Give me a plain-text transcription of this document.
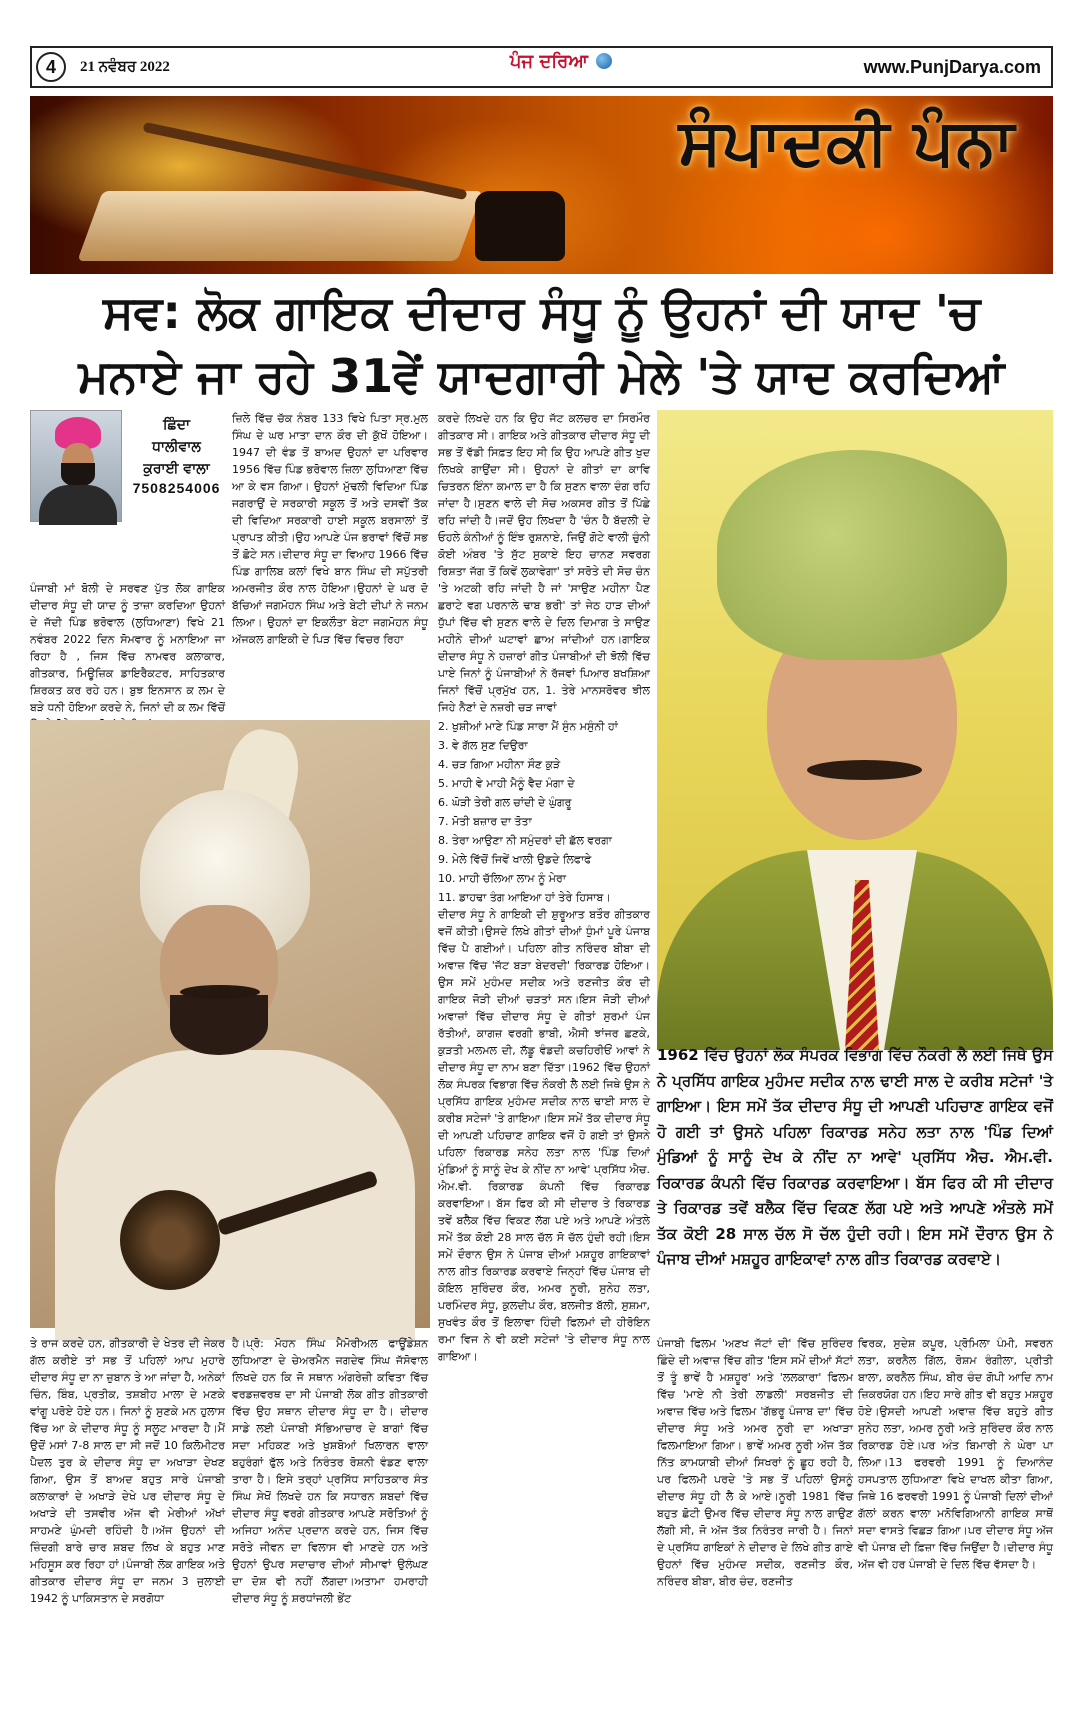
4	21 ਨਵੰਬਰ 2022	ਪੰਜ ਦਰਿਆ	www.PunjDarya.com
ਸੰਪਾਦਕੀ ਪੰਨਾ
ਸਵ: ਲੋਕ ਗਾਇਕ ਦੀਦਾਰ ਸੰਧੂ ਨੂੰ ਉਹਨਾਂ ਦੀ ਯਾਦ 'ਚ
ਮਨਾਏ ਜਾ ਰਹੇ 31ਵੇਂ ਯਾਦਗਾਰੀ ਮੇਲੇ 'ਤੇ ਯਾਦ ਕਰਦਿਆਂ
ਛਿੰਦਾ
ਧਾਲੀਵਾਲ
ਕੁਰਾਈ ਵਾਲਾ
7508254006

ਪੰਜਾਬੀ ਮਾਂ ਬੋਲੀ ਦੇ ਸਰਵਣ ਪੁੱਤ ਲੋਕ ਗਾਇਕ ਦੀਦਾਰ ਸੰਧੂ ਦੀ ਯਾਦ ਨੂੰ ਤਾਜ਼ਾ ਕਰਦਿਆ ਉਹਨਾਂ ਦੇ ਜੱਦੀ ਪਿੰਡ ਭਰੋਵਾਲ (ਲੁਧਿਆਣਾ) ਵਿਖੇ 21 ਨਵੰਬਰ 2022 ਦਿਨ ਸੋਮਵਾਰ ਨੂੰ ਮਨਾਇਆ ਜਾ ਰਿਹਾ ਹੈ , ਜਿਸ ਵਿੱਚ ਨਾਮਵਰ ਕਲਾਕਾਰ, ਗੀਤਕਾਰ, ਮਿਊਜ਼ਿਕ ਡਾਇਰੈਕਟਰ, ਸਾਹਿਤਕਾਰ ਸ਼ਿਰਕਤ ਕਰ ਰਹੇ ਹਨ। ਬੁਝ ਇਨਸਾਨ ਕ ਲਮ ਦੇ ਬੜੇ ਧਨੀ ਹੋਇਆ ਕਰਦੇ ਨੇ, ਜਿਨਾਂ ਦੀ ਕ ਲਮ ਵਿੱਚੋਂ

ਜ਼ਿਲੇ ਵਿੱਚ ਚੱਕ ਨੰਬਰ 133 ਵਿਖੇ ਪਿਤਾ ਸ੍ਰ.ਮੁਲ ਸਿੰਘ ਦੇ ਘਰ ਮਾਤਾ ਦਾਨ ਕੌਰ ਦੀ ਕੁੱਖੋਂ ਹੋਇਆ।1947 ਦੀ ਵੰਡ ਤੋਂ ਬਾਅਦ ਉਹਨਾਂ ਦਾ ਪਰਿਵਾਰ 1956 ਵਿੱਚ ਪਿੰਡ ਭਰੋਵਾਲ ਜ਼ਿਲਾ ਲੁਧਿਆਣਾ ਵਿੱਚ ਆ ਕੇ ਵਸ ਗਿਆ। ਉਹਨਾਂ ਮੁੱਢਲੀ ਵਿਦਿਆ ਪਿੰਡ ਜਗਰਾਉਂ ਦੇ ਸਰਕਾਰੀ ਸਕੂਲ ਤੋਂ ਅਤੇ ਦਸਵੀਂ ਤੱਕ ਦੀ ਵਿਦਿਆ ਸਰਕਾਰੀ ਹਾਈ ਸਕੂਲ ਬਰਸਾਲਾਂ ਤੋਂ ਪ੍ਰਾਪਤ ਕੀਤੀ।ਉਹ ਆਪਣੇ ਪੰਜ ਭਰਾਵਾਂ ਵਿੱਚੋਂ ਸਭ ਤੋਂ ਛੋਟੇ ਸਨ।ਦੀਦਾਰ ਸੰਧੂ ਦਾ ਵਿਆਹ 1966 ਵਿੱਚ ਪਿੰਡ ਗਾਲਿਬ ਕਲਾਂ ਵਿਖੇ ਬਾਨ ਸਿੰਘ ਦੀ ਸਪੁੱਤਰੀ ਅਮਰਜੀਤ ਕੌਰ ਨਾਲ ਹੋਇਆ।ਉਹਨਾਂ ਦੇ ਘਰ ਦੋ ਬੱਚਿਆਂ ਜਗਮੋਹਨ ਸਿੰਘ ਅਤੇ ਬੇਟੀ ਦੀਪਾਂ ਨੇ ਜਨਮ ਲਿਆ। ਉਹਨਾਂ ਦਾ ਇਕਲੌਤਾ ਬੇਟਾ ਜਗਮੋਹਨ ਸੰਧੂ ਅੱਜਕਲ ਗਾਇਕੀ ਦੇ ਪਿੜ ਵਿੱਚ ਵਿਚਰ ਰਿਹਾ

ਕਰਦੇ ਲਿਖਦੇ ਹਨ ਕਿ ਉਹ ਜੱਟ ਕਲਚਰ ਦਾ ਸਿਰਮੌਰ ਗੀਤਕਾਰ ਸੀ। ਗਾਇਕ ਅਤੇ ਗੀਤਕਾਰ ਦੀਦਾਰ ਸੰਧੂ ਦੀ ਸਭ ਤੋਂ ਵੱਡੀ ਸਿਫ਼ਤ ਇਹ ਸੀ ਕਿ ਉਹ ਆਪਣੇ ਗੀਤ ਖੁਦ ਲਿਖਕੇ ਗਾਉਂਦਾ ਸੀ। ਉਹਨਾਂ ਦੇ ਗੀਤਾਂ ਦਾ ਕਾਵਿ ਚਿਤਰਨ ਇੰਨਾ ਕਮਾਲ ਦਾ ਹੈ ਕਿ ਸੁਣਨ ਵਾਲਾ ਦੰਗ ਰਹਿ ਜਾਂਦਾ ਹੈ।ਸੁਣਨ ਵਾਲੇ ਦੀ ਸੋਚ ਅਕਸਰ ਗੀਤ ਤੋਂ ਪਿੱਛੇ ਰਹਿ ਜਾਂਦੀ ਹੈ।ਜਦੋਂ ਉਹ ਲਿਖਦਾ ਹੈ 'ਚੰਨ ਹੈ ਬੱਦਲੀ ਦੇ ਓਹਲੇ ਕੰਨੀਆਂ ਨੂੰ ਇੰਝ ਰੁਸ਼ਨਾਏ, ਜਿਉਂ ਗੋਟੇ ਵਾਲੀ ਚੁੰਨੀ ਕੋਈ ਅੰਬਰ 'ਤੇ ਸੁੱਟ ਸੁਕਾਏ ਇਹ ਚਾਨਣ ਸਵਰਗ ਰਿਸ਼ਤਾ ਜੱਗ ਤੋਂ ਕਿਵੇਂ ਲੁਕਾਵੇਗਾ' ਤਾਂ ਸਰੋਤੇ ਦੀ ਸੋਚ ਚੰਨ 'ਤੇ ਅਟਕੀ ਰਹਿ ਜਾਂਦੀ ਹੈ ਜਾਂ 'ਸਾਉਣ ਮਹੀਨਾ ਪੈਣ ਛਰਾਟੇ ਵਗ ਪਰਨਾਲੇ ਢਾਬ ਭਰੀ' ਤਾਂ ਜੇਠ ਹਾੜ ਦੀਆਂ ਧੁੱਪਾਂ ਵਿੱਚ ਵੀ ਸੁਣਨ ਵਾਲੇ ਦੇ ਦਿਲ ਦਿਮਾਗ ਤੇ ਸਾਉਣ ਮਹੀਨੇ ਦੀਆਂ ਘਟਾਵਾਂ ਛਾਅ ਜਾਂਦੀਆਂ ਹਨ।ਗਾਇਕ ਦੀਦਾਰ ਸੰਧੂ ਨੇ ਹਜ਼ਾਰਾਂ ਗੀਤ ਪੰਜਾਬੀਆਂ ਦੀ ਝੋਲੀ ਵਿੱਚ ਪਾਏ ਜਿਨਾਂ ਨੂੰ ਪੰਜਾਬੀਆਂ ਨੇ ਰੱਜਵਾਂ ਪਿਆਰ ਬਖਸ਼ਿਆ ਜਿਨਾਂ ਵਿੱਚੋਂ ਪ੍ਰਮੁੱਖ ਹਨ, 1. ਤੇਰੇ ਮਾਨਸਰੋਵਰ ਝੀਲ ਜਿਹੇ ਨੈਣਾਂ ਦੇ ਨਜ਼ਰੀ ਚੜ ਜਾਵਾਂ

2. ਖੁਸ਼ੀਆਂ ਮਾਣੇ ਪਿੰਡ ਸਾਰਾ ਮੈਂ ਸੁੰਨ ਮਸੁੰਨੀ ਹਾਂ

3. ਵੇ ਗੱਲ ਸੁਣ ਦਿਉਰਾ

4. ਚੜ ਗਿਆ ਮਹੀਨਾ ਸੌਣ ਕੁੜੇ

5. ਮਾਹੀ ਵੇ ਮਾਹੀ ਮੈਨੂੰ ਵੈਦ ਮੰਗਾ ਦੇ

6. ਘੋੜੀ ਤੇਰੀ ਗਲ ਚਾਂਦੀ ਦੇ ਘੁੰਗਰੂ

7. ਮੋਤੀ ਬਜ਼ਾਰ ਦਾ ਤੋਤਾ

8. ਤੇਰਾ ਆਉਣਾ ਨੀ ਸਮੁੰਦਰਾਂ ਦੀ ਛੱਲ ਵਰਗਾ

9. ਮੇਲੇ ਵਿੱਚੋਂ ਜਿਵੇਂ ਖਾਲੀ ਉਡਦੇ ਲਿਫਾਫੇ

10. ਮਾਹੀ ਚੱਲਿਆ ਲਾਮ ਨੂੰ ਮੇਰਾ

11. ਡਾਹਢਾ ਤੰਗ ਆਇਆ ਹਾਂ ਤੇਰੇ ਹਿਸਾਬ।

ਦੀਦਾਰ ਸੰਧੂ ਨੇ ਗਾਇਕੀ ਦੀ ਸ਼ੁਰੂਆਤ ਬਤੌਰ ਗੀਤਕਾਰ ਵਜੋਂ ਕੀਤੀ।ਉਸਦੇ ਲਿਖੇ ਗੀਤਾਂ ਦੀਆਂ ਧੁੰਮਾਂ ਪੂਰੇ ਪੰਜਾਬ ਵਿੱਚ ਪੈ ਗਈਆਂ। ਪਹਿਲਾ ਗੀਤ ਨਰਿੰਦਰ ਬੀਬਾ ਦੀ ਅਵਾਜ਼ ਵਿੱਚ 'ਜੱਟ ਬੜਾ ਬੇਦਰਦੀ' ਰਿਕਾਰਡ ਹੋਇਆ। ਉਸ ਸਮੇਂ ਮੁਹੰਮਦ ਸਦੀਕ ਅਤੇ ਰਣਜੀਤ ਕੌਰ ਦੀ ਗਾਇਕ ਜੋੜੀ ਦੀਆਂ ਚੜਤਾਂ ਸਨ।ਇਸ ਜੋੜੀ ਦੀਆਂ ਅਵਾਜ਼ਾਂ ਵਿੱਚ ਦੀਦਾਰ ਸੰਧੂ ਦੇ ਗੀਤਾਂ ਸੁਰਮਾਂ ਪੰਜ ਰੱਤੀਆਂ, ਕਾਗਜ਼ ਵਰਗੀ ਭਾਬੀ, ਐਸੀ ਝਾਂਜਰ ਛਣਕੇ, ਕੁੜਤੀ ਮਲਮਲ ਦੀ, ਲੱਡੂ ਵੰਡਦੀ ਕਚਹਿਰੀਓਂ ਆਵਾਂ ਨੇ ਦੀਦਾਰ ਸੰਧੂ ਦਾ ਨਾਮ ਬਣਾ ਦਿੱਤਾ।1962 ਵਿੱਚ ਉਹਨਾਂ ਲੋਕ ਸੰਪਰਕ ਵਿਭਾਗ ਵਿੱਚ ਨੌਕਰੀ ਲੈ ਲਈ ਜਿਥੇ ਉਸ ਨੇ ਪ੍ਰਸਿੱਧ ਗਾਇਕ ਮੁਹੰਮਦ ਸਦੀਕ ਨਾਲ ਢਾਈ ਸਾਲ ਦੇ ਕਰੀਬ ਸਟੇਜਾਂ 'ਤੇ ਗਾਇਆ।ਇਸ ਸਮੇਂ ਤੱਕ ਦੀਦਾਰ ਸੰਧੂ ਦੀ ਆਪਣੀ ਪਹਿਚਾਣ ਗਾਇਕ ਵਜੋਂ ਹੋ ਗਈ ਤਾਂ ਉਸਨੇ ਪਹਿਲਾ ਰਿਕਾਰਡ ਸਨੇਹ ਲਤਾ ਨਾਲ 'ਪਿੰਡ ਦਿਆਂ ਮੁੰਡਿਆਂ ਨੂੰ ਸਾਨੂੰ ਦੇਖ ਕੇ ਨੀਂਦ ਨਾ ਆਵੇ' ਪ੍ਰਸਿੱਧ ਐਚ. ਐਮ.ਵੀ. ਰਿਕਾਰਡ ਕੰਪਨੀ ਵਿੱਚ ਰਿਕਾਰਡ ਕਰਵਾਇਆ। ਬੱਸ ਫਿਰ ਕੀ ਸੀ ਦੀਦਾਰ ਤੇ ਰਿਕਾਰਡ ਤਵੇਂ ਬਲੈਕ ਵਿੱਚ ਵਿਕਣ ਲੱਗ ਪਏ ਅਤੇ ਆਪਣੇ ਅੰਤਲੇ ਸਮੇਂ ਤੱਕ ਕੋਈ 28 ਸਾਲ ਚੱਲ ਸੋ ਚੱਲ ਹੁੰਦੀ ਰਹੀ।ਇਸ ਸਮੇਂ ਦੌਰਾਨ ਉਸ ਨੇ ਪੰਜਾਬ ਦੀਆਂ ਮਸ਼ਹੂਰ ਗਾਇਕਾਵਾਂ ਨਾਲ ਗੀਤ ਰਿਕਾਰਡ ਕਰਵਾਏ ਜਿਨ੍ਹਾਂ ਵਿੱਚ ਪੰਜਾਬ ਦੀ ਕੋਇਲ ਸੁਰਿੰਦਰ ਕੌਰ, ਅਮਰ ਨੂਰੀ, ਸੁਨੇਹ ਲਤਾ, ਪਰਮਿੰਦਰ ਸੰਧੂ, ਕੁਲਦੀਪ ਕੌਰ, ਬਲਜੀਤ ਬੱਲੀ, ਸੁਸ਼ਮਾ, ਸੁਖਵੰਤ ਕੌਰ ਤੋਂ ਇਲਾਵਾ ਹਿੰਦੀ ਫਿਲਮਾਂ ਦੀ ਹੀਰੋਇਨ ਰਮਾ ਵਿਜ ਨੇ ਵੀ ਕਈ ਸਟੇਜਾਂ 'ਤੇ ਦੀਦਾਰ ਸੰਧੂ ਨਾਲ ਗਾਇਆ।

1962 ਵਿੱਚ ਉਹਨਾਂ ਲੋਕ ਸੰਪਰਕ ਵਿਭਾਗ ਵਿੱਚ ਨੌਕਰੀ ਲੈ ਲਈ ਜਿਥੇ ਉਸ ਨੇ ਪ੍ਰਸਿੱਧ ਗਾਇਕ ਮੁਹੰਮਦ ਸਦੀਕ ਨਾਲ ਢਾਈ ਸਾਲ ਦੇ ਕਰੀਬ ਸਟੇਜਾਂ 'ਤੇ ਗਾਇਆ। ਇਸ ਸਮੇਂ ਤੱਕ ਦੀਦਾਰ ਸੰਧੂ ਦੀ ਆਪਣੀ ਪਹਿਚਾਣ ਗਾਇਕ ਵਜੋਂ ਹੋ ਗਈ ਤਾਂ ਉਸਨੇ ਪਹਿਲਾ ਰਿਕਾਰਡ ਸਨੇਹ ਲਤਾ ਨਾਲ 'ਪਿੰਡ ਦਿਆਂ ਮੁੰਡਿਆਂ ਨੂੰ ਸਾਨੂੰ ਦੇਖ ਕੇ ਨੀਂਦ ਨਾ ਆਵੇ' ਪ੍ਰਸਿੱਧ ਐਚ. ਐਮ.ਵੀ. ਰਿਕਾਰਡ ਕੰਪਨੀ ਵਿੱਚ ਰਿਕਾਰਡ ਕਰਵਾਇਆ। ਬੱਸ ਫਿਰ ਕੀ ਸੀ ਦੀਦਾਰ ਤੇ ਰਿਕਾਰਡ ਤਵੇਂ ਬਲੈਕ ਵਿੱਚ ਵਿਕਣ ਲੱਗ ਪਏ ਅਤੇ ਆਪਣੇ ਅੰਤਲੇ ਸਮੇਂ ਤੱਕ ਕੋਈ 28 ਸਾਲ ਚੱਲ ਸੋ ਚੱਲ ਹੁੰਦੀ ਰਹੀ। ਇਸ ਸਮੇਂ ਦੌਰਾਨ ਉਸ ਨੇ ਪੰਜਾਬ ਦੀਆਂ ਮਸ਼ਹੂਰ ਗਾਇਕਾਵਾਂ ਨਾਲ ਗੀਤ ਰਿਕਾਰਡ ਕਰਵਾਏ।

ਤੇ ਰਾਜ ਕਰਦੇ ਹਨ, ਗੀਤਕਾਰੀ ਦੇ ਖੇਤਰ ਦੀ ਜੇਕਰ ਗੱਲ ਕਰੀਏ ਤਾਂ ਸਭ ਤੋਂ ਪਹਿਲਾਂ ਆਪ ਮੁਹਾਰੇ ਦੀਦਾਰ ਸੰਧੂ ਦਾ ਨਾ ਜ਼ੁਬਾਨ ਤੇ ਆ ਜਾਂਦਾ ਹੈ, ਅਨੇਕਾਂ ਚਿੰਨ, ਬਿੰਬ, ਪ੍ਰਤੀਕ, ਤਸ਼ਬੀਹ ਮਾਲਾ ਦੇ ਮਣਕੇ ਵਾਂਗੂ ਪਰੋਏ ਹੋਏ ਹਨ। ਜਿਨਾਂ ਨੂੰ ਸੁਣਕੇ ਮਨ ਹੁਲਾਸ ਵਿੱਚ ਆ ਕੇ ਦੀਦਾਰ ਸੰਧੂ ਨੂੰ ਸਲੂਟ ਮਾਰਦਾ ਹੈ।ਮੈਂ ਉਦੋਂ ਮਸਾਂ 7-8 ਸਾਲ ਦਾ ਸੀ ਜਦੋਂ 10 ਕਿਲੋਮੀਟਰ ਪੈਦਲ ਤੁਰ ਕੇ ਦੀਦਾਰ ਸੰਧੂ ਦਾ ਅਖਾੜਾ ਦੇਖਣ ਗਿਆ, ਉਸ ਤੋਂ ਬਾਅਦ ਬਹੁਤ ਸਾਰੇ ਪੰਜਾਬੀ ਕਲਾਕਾਰਾਂ ਦੇ ਅਖਾੜੇ ਦੇਖੇ ਪਰ ਦੀਦਾਰ ਸੰਧੂ ਦੇ ਅਖਾੜੇ ਦੀ ਤਸਵੀਰ ਅੱਜ ਵੀ ਮੇਰੀਆਂ ਅੱਖਾਂ ਸਾਹਮਣੇ ਘੁੰਮਦੀ ਰਹਿੰਦੀ ਹੈ।ਅੱਜ ਉਹਨਾਂ ਦੀ ਜ਼ਿੰਦਗੀ ਬਾਰੇ ਚਾਰ ਸ਼ਬਦ ਲਿਖ ਕੇ ਬਹੁਤ ਮਾਣ ਮਹਿਸੂਸ ਕਰ ਰਿਹਾ ਹਾਂ।ਪੰਜਾਬੀ ਲੋਕ ਗਾਇਕ ਅਤੇ ਗੀਤਕਾਰ ਦੀਦਾਰ ਸੰਧੂ ਦਾ ਜਨਮ 3 ਜੁਲਾਈ 1942 ਨੂੰ ਪਾਕਿਸਤਾਨ ਦੇ ਸਰਗੋਧਾ

ਹੈ।ਪ੍ਰੋ: ਮੋਹਨ ਸਿੰਘ ਮੈਮੋਰੀਅਲ ਫਾਊਂਡੇਸ਼ਨ ਲੁਧਿਆਣਾ ਦੇ ਚੇਅਰਮੈਨ ਜਗਦੇਵ ਸਿੰਘ ਜੱਸੋਵਾਲ ਲਿਖਦੇ ਹਨ ਕਿ ਜੋ ਸਥਾਨ ਅੰਗਰੇਜ਼ੀ ਕਵਿਤਾ ਵਿੱਚ ਵਰਡਜ਼ਵਰਥ ਦਾ ਸੀ ਪੰਜਾਬੀ ਲੋਕ ਗੀਤ ਗੀਤਕਾਰੀ ਵਿੱਚ ਉਹ ਸਥਾਨ ਦੀਦਾਰ ਸੰਧੂ ਦਾ ਹੈ। ਦੀਦਾਰ ਸਾਡੇ ਲਈ ਪੰਜਾਬੀ ਸੱਭਿਆਚਾਰ ਦੇ ਬਾਗਾਂ ਵਿੱਚ ਸਦਾ ਮਹਿਕਣ ਅਤੇ ਖੁਸ਼ਬੋਆਂ ਖਿਲਾਰਨ ਵਾਲਾ ਬਹੁਰੰਗਾਂ ਫੁੱਲ ਅਤੇ ਨਿਰੰਤਰ ਰੋਸ਼ਨੀ ਵੰਡਣ ਵਾਲਾ ਤਾਰਾ ਹੈ। ਇਸੇ ਤਰ੍ਹਾਂ ਪ੍ਰਸਿੱਧ ਸਾਹਿਤਕਾਰ ਸੰਤ ਸਿੰਘ ਸੇਖੋਂ ਲਿਖਦੇ ਹਨ ਕਿ ਸਧਾਰਨ ਸ਼ਬਦਾਂ ਵਿੱਚ ਦੀਦਾਰ ਸੰਧੂ ਵਰਗੇ ਗੀਤਕਾਰ ਆਪਣੇ ਸਰੋਤਿਆਂ ਨੂੰ ਅਜਿਹਾ ਅਨੰਦ ਪ੍ਰਦਾਨ ਕਰਦੇ ਹਨ, ਜਿਸ ਵਿੱਚ ਸਰੋਤੇ ਜੀਵਨ ਦਾ ਵਿਲਾਸ ਵੀ ਮਾਣਦੇ ਹਨ ਅਤੇ ਉਹਨਾਂ ਉਪਰ ਸਦਾਚਾਰ ਦੀਆਂ ਸੀਮਾਵਾਂ ਉਲੰਘਣ ਦਾ ਦੋਸ਼ ਵੀ ਨਹੀਂ ਲੱਗਦਾ।ਅਤਾਮਾ ਹਮਰਾਹੀ ਦੀਦਾਰ ਸੰਧੂ ਨੂੰ ਸ਼ਰਧਾਂਜਲੀ ਭੇਂਟ

ਪੰਜਾਬੀ ਫਿਲਮ 'ਅਣਖ ਜੱਟਾਂ ਦੀ' ਵਿੱਚ ਸੁਰਿੰਦਰ ਛਿੰਦੇ ਦੀ ਅਵਾਜ਼ ਵਿੱਚ ਗੀਤ 'ਇਸ ਸਮੇਂ ਦੀਆਂ ਸੱਟਾਂ ਤੋਂ ਤੂੰ ਭਾਵੇਂ ਹੈ ਮਸ਼ਹੂਰ' ਅਤੇ 'ਲਲਕਾਰਾ' ਫਿਲਮ ਵਿੱਚ 'ਮਾਏ ਨੀ ਤੇਰੀ ਲਾਡਲੀ' ਸਰਬਜੀਤ ਦੀ ਅਵਾਜ਼ ਵਿੱਚ ਅਤੇ ਫਿਲਮ 'ਗੱਭਰੂ ਪੰਜਾਬ ਦਾ' ਵਿੱਚ ਦੀਦਾਰ ਸੰਧੂ ਅਤੇ ਅਮਰ ਨੂਰੀ ਦਾ ਅਖਾੜਾ ਫਿਲਮਾਇਆ ਗਿਆ। ਭਾਵੇਂ ਅਮਰ ਨੂਰੀ ਅੱਜ ਤੱਕ ਨਿੱਤ ਕਾਮਯਾਬੀ ਦੀਆਂ ਸਿਖਰਾਂ ਨੂੰ ਛੂਹ ਰਹੀ ਹੈ, ਪਰ ਫਿਲਮੀ ਪਰਦੇ 'ਤੇ ਸਭ ਤੋਂ ਪਹਿਲਾਂ ਉਸਨੂੰ ਦੀਦਾਰ ਸੰਧੂ ਹੀ ਲੈ ਕੇ ਆਏ।ਨੂਰੀ 1981 ਵਿੱਚ ਬਹੁਤ ਛੋਟੀ ਉਮਰ ਵਿੱਚ ਦੀਦਾਰ ਸੰਧੂ ਨਾਲ ਗਾਉਣ ਲੱਗੀ ਸੀ, ਜੋ ਅੱਜ ਤੱਕ ਨਿਰੰਤਰ ਜਾਰੀ ਹੈ। ਜਿਨਾਂ ਦੇ ਪ੍ਰਸਿੱਧ ਗਾਇਕਾਂ ਨੇ ਦੀਦਾਰ ਦੇ ਲਿਖੇ ਗੀਤ ਗਾਏ ਉਹਨਾਂ ਵਿੱਚ ਮੁਹੰਮਦ ਸਦੀਕ, ਰਣਜੀਤ ਕੌਰ, ਨਰਿੰਦਰ ਬੀਬਾ, ਬੀਰ ਚੰਦ, ਰਣਜੀਤ

ਵਿਰਕ, ਸੁਦੇਸ਼ ਕਪੂਰ, ਪ੍ਰੋਮਿਲਾ ਪੰਮੀ, ਸਵਰਨ ਲਤਾ, ਕਰਨੈਲ ਗਿੱਲ, ਰੋਸ਼ਮ ਰੰਗੀਲਾ, ਪ੍ਰੀਤੀ ਬਾਲਾ, ਕਰਨੈਲ ਸਿੰਘ, ਬੀਰ ਚੰਦ ਗੋਪੀ ਆਦਿ ਨਾਮ ਜ਼ਿਕਰਯੋਗ ਹਨ।ਇਹ ਸਾਰੇ ਗੀਤ ਵੀ ਬਹੁਤ ਮਸ਼ਹੂਰ ਹੋਏ।ਉਸਦੀ ਆਪਣੀ ਅਵਾਜ਼ ਵਿੱਚ ਬਹੁਤੇ ਗੀਤ ਸੁਨੇਹ ਲਤਾ, ਅਮਰ ਨੂਰੀ ਅਤੇ ਸੁਰਿੰਦਰ ਕੌਰ ਨਾਲ ਰਿਕਾਰਡ ਹੋਏ।ਪਰ ਅੰਤ ਬਿਮਾਰੀ ਨੇ ਘੇਰਾ ਪਾ ਲਿਆ।13 ਫਰਵਰੀ 1991 ਨੂੰ ਦਿਆਨੰਦ ਹਸਪਤਾਲ ਲੁਧਿਆਣਾ ਵਿਖੇ ਦਾਖਲ ਕੀਤਾ ਗਿਆ, ਜਿਥੇ 16 ਫਰਵਰੀ 1991 ਨੂੰ ਪੰਜਾਬੀ ਦਿਲਾਂ ਦੀਆਂ ਗੱਲਾਂ ਕਰਨ ਵਾਲਾ ਮਨੋਵਿਗਿਆਨੀ ਗਾਇਕ ਸਾਥੋਂ ਸਦਾ ਵਾਸਤੇ ਵਿਛੜ ਗਿਆ।ਪਰ ਦੀਦਾਰ ਸੰਧੂ ਅੱਜ ਵੀ ਪੰਜਾਬ ਦੀ ਫ਼ਿਜ਼ਾ ਵਿੱਚ ਜਿਉਂਦਾ ਹੈ।ਦੀਦਾਰ ਸੰਧੂ ਅੱਜ ਵੀ ਹਰ ਪੰਜਾਬੀ ਦੇ ਦਿਲ ਵਿੱਚ ਵੱਸਦਾ ਹੈ।
